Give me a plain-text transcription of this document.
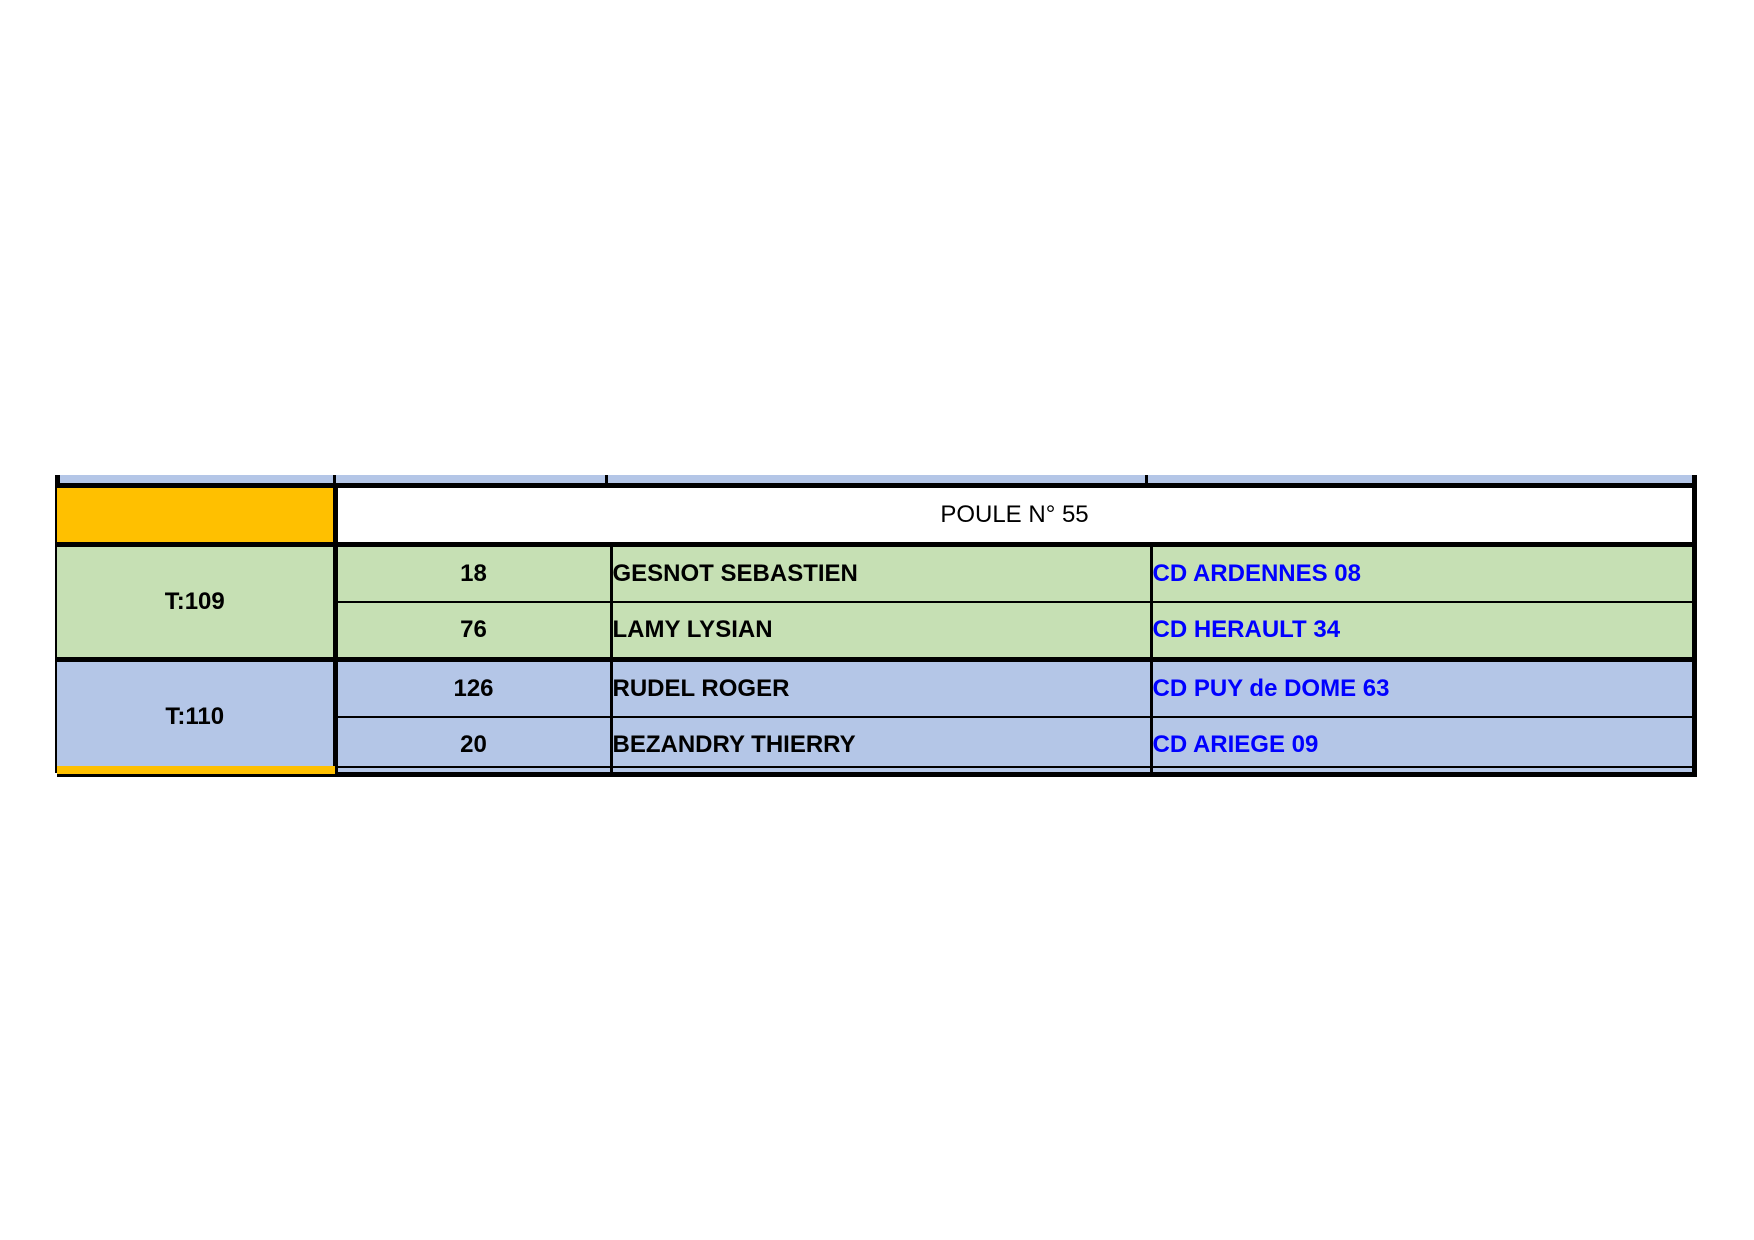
	POULE N° 55		
T:109	18	GESNOT SEBASTIEN	CD ARDENNES 08
	76	LAMY LYSIAN	CD HERAULT 34
T:110	126	RUDEL ROGER	CD PUY de DOME 63
	20	BEZANDRY THIERRY	CD ARIEGE 09
